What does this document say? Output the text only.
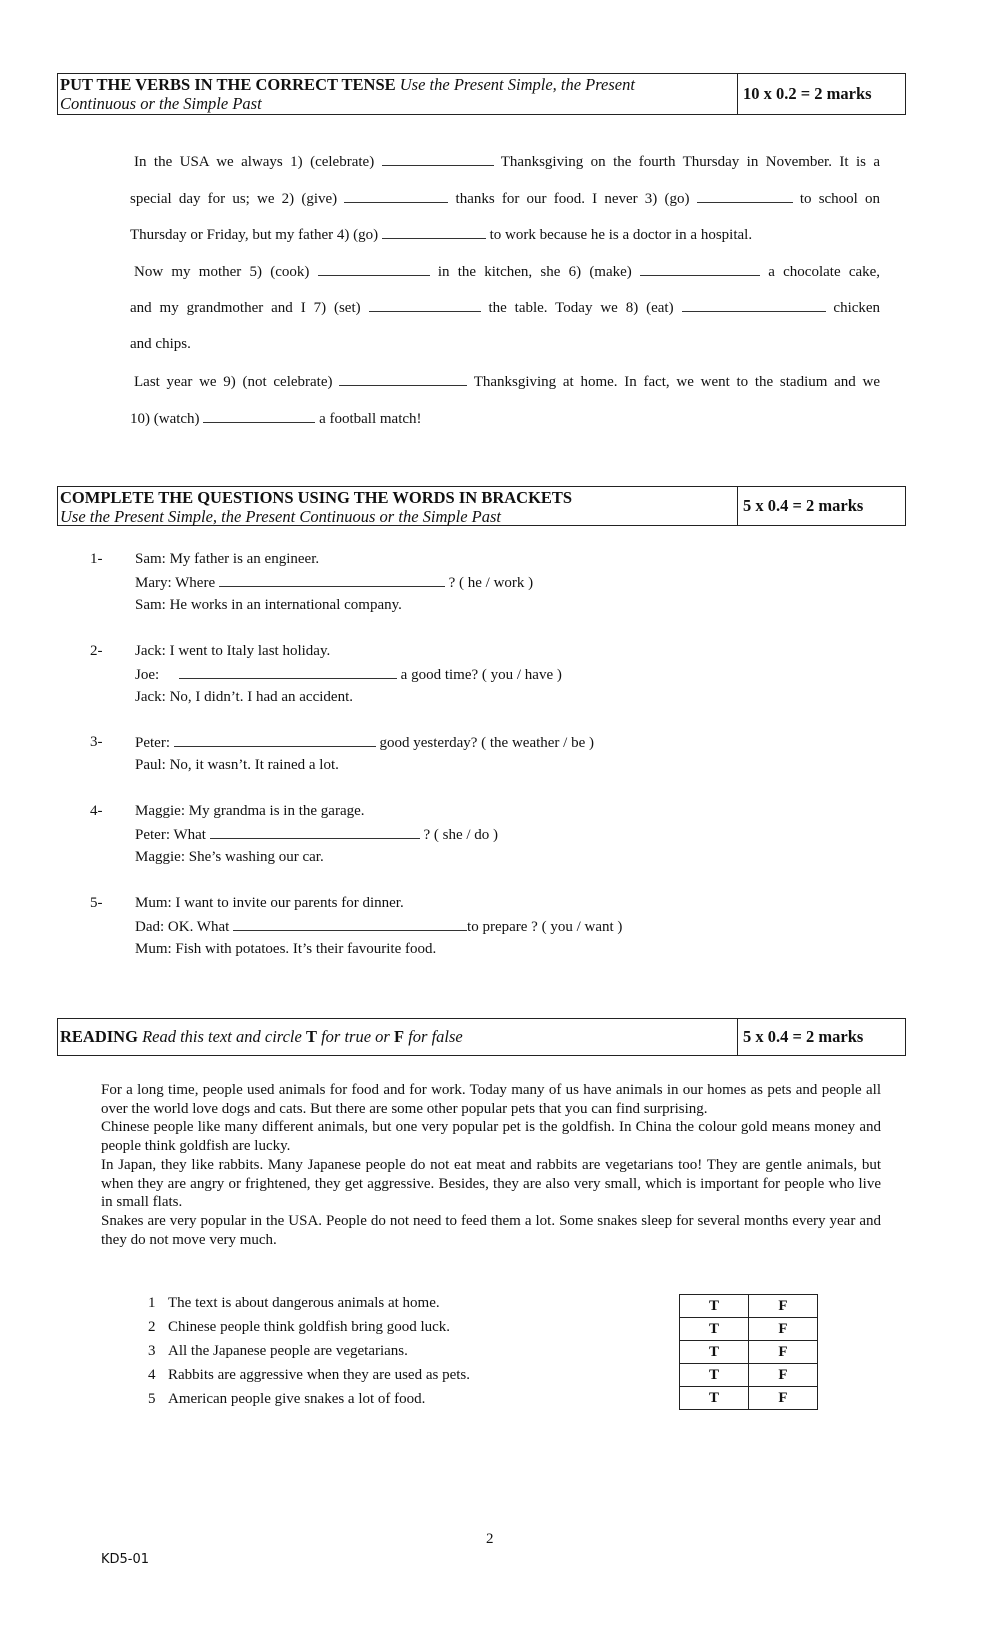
PUT THE VERBS IN THE CORRECT TENSE Use the Present Simple, the Present
Continuous or the Simple Past
10 x 0.2 = 2 marks
In the USA we always 1) (celebrate)	Thanksgiving on the fourth Thursday in November. It is a
special day for us; we 2) (give)	thanks for our food. I never 3) (go)	to school on
Thursday or Friday, but my father 4) (go)	to work because he is a doctor in a hospital.
Now my mother 5) (cook)	in the kitchen, she 6) (make)	a chocolate cake,
and my grandmother and I 7) (set)	the table. Today we 8) (eat)	chicken
and chips.
Last year we 9) (not celebrate)	Thanksgiving at home. In fact, we went to the stadium and we
10) (watch)	a football match!
COMPLETE THE QUESTIONS USING THE WORDS IN BRACKETS
Use the Present Simple, the Present Continuous or the Simple Past
5 x 0.4 = 2 marks
1- Sam: My father is an engineer.
Mary: Where	? ( he / work )
Sam: He works in an international company.
2- Jack: I went to Italy last holiday.
Joe:	a good time? ( you / have )
Jack: No, I didn’t. I had an accident.
3- Peter:	good yesterday? ( the weather / be )
Paul: No, it wasn’t. It rained a lot.
4- Maggie: My grandma is in the garage.
Peter: What	? ( she / do )
Maggie: She’s washing our car.
5- Mum: I want to invite our parents for dinner.
Dad: OK. What	to prepare ? ( you / want )
Mum: Fish with potatoes. It’s their favourite food.
READING Read this text and circle T for true or F for false	5 x 0.4 = 2 marks

For a long time, people used animals for food and for work. Today many of us have animals in our homes as pets and people all over the world love dogs and cats. But there are some other popular pets that you can find surprising.

Chinese people like many different animals, but one very popular pet is the goldfish. In China the colour gold means money and people think goldfish are lucky.

In Japan, they like rabbits. Many Japanese people do not eat meat and rabbits are vegetarians too! They are gentle animals, but when they are angry or frightened, they get aggressive. Besides, they are also very small, which is important for people who live in small flats.

Snakes are very popular in the USA. People do not need to feed them a lot. Some snakes sleep for several months every year and they do not move very much.

1 The text is about dangerous animals at home.
2 Chinese people think goldfish bring good luck.
3 All the Japanese people are vegetarians.
4 Rabbits are aggressive when they are used as pets.
5 American people give snakes a lot of food.
T	F
T	F
T	F
T	F
T	F
2
KD5-01
